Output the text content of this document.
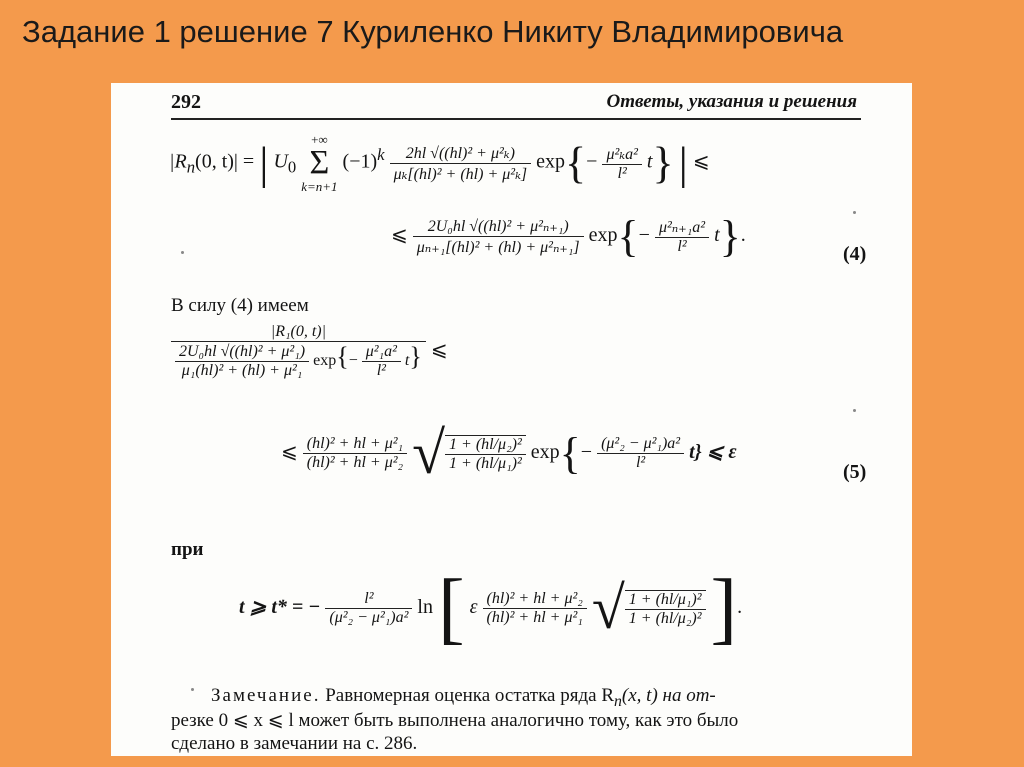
Задание 1 решение 7 Куриленко Никиту Владимировича
292	Ответы, указания и решения
$|R_n(0$, t)| = | $U_0$ +∞
Σ
k=n+1 $(-1)^k \frac{\text{2hl √((hl)² + μ²ₖ)}}{\text{μₖ[(hl)² + (hl) + μ²ₖ]}} \exp\{- \frac{\text{μ²ₖa²}}{\text{l²}} t\}$ | ⩽
⩽ $\frac{\text{2U₀hl √((hl)² + μ²ₙ₊₁)}}{\text{μₙ₊₁[(hl)² + (hl) + μ²ₙ₊₁]}} \exp\{- \frac{\text{μ²ₙ₊₁a²}}{\text{l²}} t\}$.
(4)
В силу (4) имеем
|R₁(0, t)|
$\frac{\text{2U₀hl √((hl)² + μ²₁)}}{\text{μ₁(hl)² + (hl) + μ²₁}} \exp\{- \frac{\text{μ²₁a²}}{\text{l²}} t\}$ ⩽
⩽ $\frac{\text{(hl)² + hl + μ²₁}}{\text{(hl)² + hl + μ²₂}}$ √ $\frac{\text{1 + (hl/μ₂)²}}{\text{1 + (hl/μ₁)²}} \exp\{- \frac{\text{(μ²₂ − μ²₁)a²}}{\text{l²}} t\}$ ⩽ ε
(5)
при
t ⩾ t* = − $\frac{\text{l²}}{\text{(μ²₂ − μ²₁)a²}}$ ln [ ε $\frac{\text{(hl)² + hl + μ²₂}}{\text{(hl)² + hl + μ²₁}}$ √ $\frac{\text{1 + (hl/μ₁)²}}{\text{1 + (hl/μ₂)²}}$ ].
Замечание. Равномерная оценка остатка ряда $R_n(x$, t) на от-
резке 0 ⩽ x ⩽ l может быть выполнена аналогично тому, как это было
сделано в замечании на с. 286.
